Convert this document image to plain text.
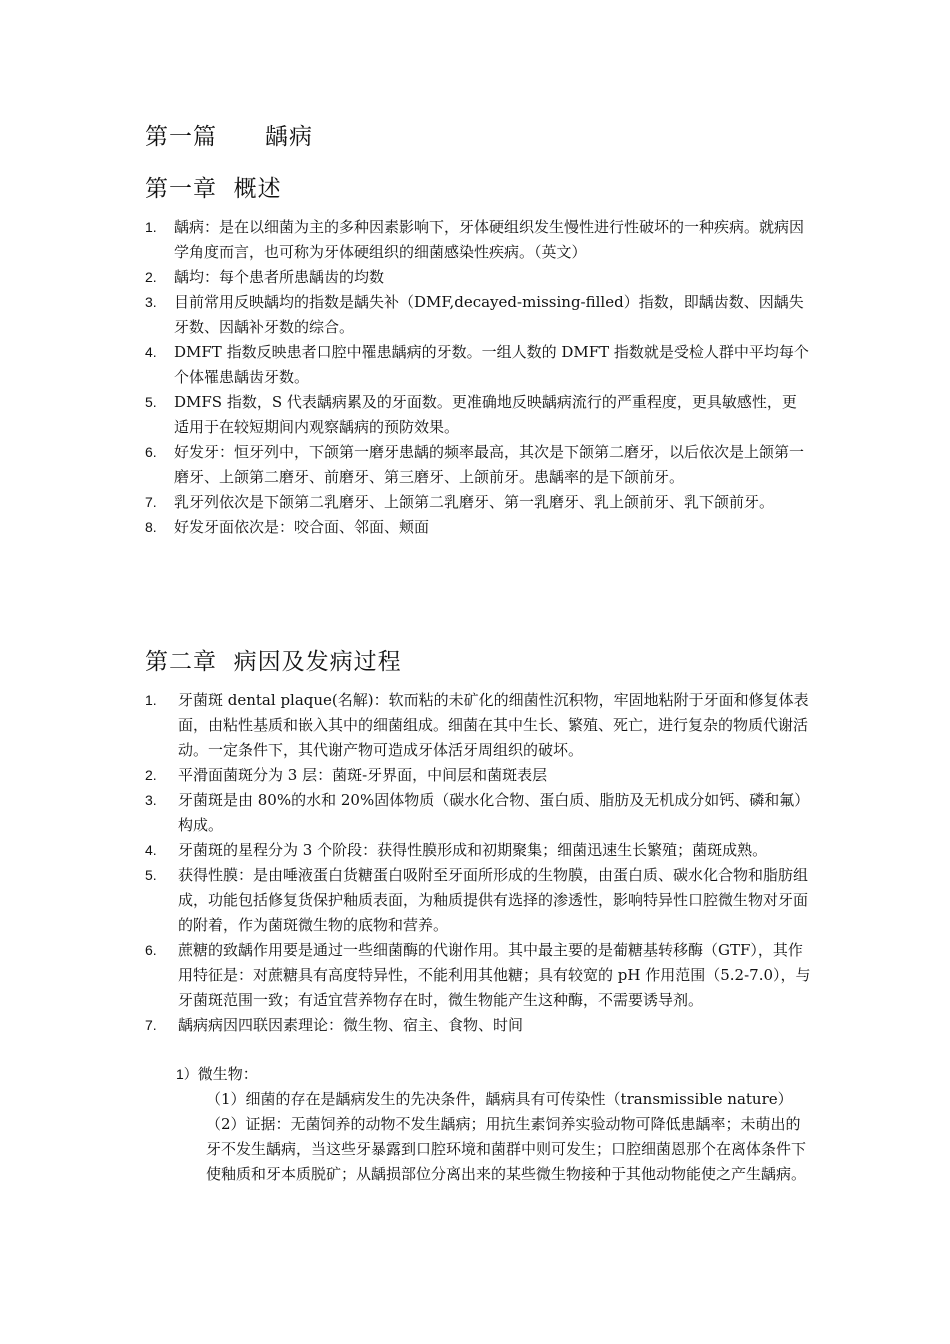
第一篇　　龋病
第一章  概述
1. 龋病：是在以细菌为主的多种因素影响下，牙体硬组织发生慢性进行性破坏的一种疾病。就病因学角度而言，也可称为牙体硬组织的细菌感染性疾病。（英文）
2. 龋均：每个患者所患龋齿的均数
3. 目前常用反映龋均的指数是龋失补（DMF,decayed-missing-filled）指数，即龋齿数、因龋失牙数、因龋补牙数的综合。
4. DMFT 指数反映患者口腔中罹患龋病的牙数。一组人数的 DMFT 指数就是受检人群中平均每个个体罹患龋齿牙数。
5. DMFS 指数，S 代表龋病累及的牙面数。更准确地反映龋病流行的严重程度，更具敏感性，更适用于在较短期间内观察龋病的预防效果。
6. 好发牙：恒牙列中，下颌第一磨牙患龋的频率最高，其次是下颌第二磨牙，以后依次是上颌第一磨牙、上颌第二磨牙、前磨牙、第三磨牙、上颌前牙。患龋率的是下颌前牙。
7. 乳牙列依次是下颌第二乳磨牙、上颌第二乳磨牙、第一乳磨牙、乳上颌前牙、乳下颌前牙。
8. 好发牙面依次是：咬合面、邻面、颊面
第二章  病因及发病过程
1. 牙菌斑 dental plaque(名解)：软而粘的未矿化的细菌性沉积物，牢固地粘附于牙面和修复体表面，由粘性基质和嵌入其中的细菌组成。细菌在其中生长、繁殖、死亡，进行复杂的物质代谢活动。一定条件下，其代谢产物可造成牙体活牙周组织的破坏。
2. 平滑面菌斑分为 3 层：菌斑-牙界面，中间层和菌斑表层
3. 牙菌斑是由 80%的水和 20%固体物质（碳水化合物、蛋白质、脂肪及无机成分如钙、磷和氟）构成。
4. 牙菌斑的星程分为 3 个阶段：获得性膜形成和初期聚集；细菌迅速生长繁殖；菌斑成熟。
5. 获得性膜：是由唾液蛋白货糖蛋白吸附至牙面所形成的生物膜，由蛋白质、碳水化合物和脂肪组成，功能包括修复货保护釉质表面，为釉质提供有选择的渗透性，影响特异性口腔微生物对牙面的附着，作为菌斑微生物的底物和营养。
6. 蔗糖的致龋作用要是通过一些细菌酶的代谢作用。其中最主要的是葡糖基转移酶（GTF），其作用特征是：对蔗糖具有高度特异性，不能利用其他糖；具有较宽的 pH 作用范围（5.2-7.0），与牙菌斑范围一致；有适宜营养物存在时，微生物能产生这种酶，不需要诱导剂。
7. 龋病病因四联因素理论：微生物、宿主、食物、时间
1）微生物：

（1）细菌的存在是龋病发生的先决条件，龋病具有可传染性（transmissible nature）

（2）证据：无菌饲养的动物不发生龋病；用抗生素饲养实验动物可降低患龋率；未萌出的牙不发生龋病，当这些牙暴露到口腔环境和菌群中则可发生；口腔细菌恩那个在离体条件下使釉质和牙本质脱矿；从龋损部位分离出来的某些微生物接种于其他动物能使之产生龋病。
